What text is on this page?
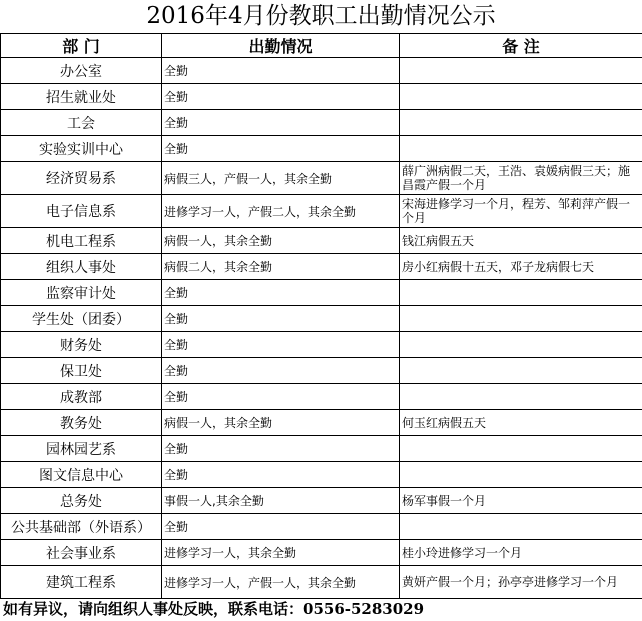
2016年4月份教职工出勤情况公示
部 门	出勤情况	备 注
办公室	全勤	
招生就业处	全勤	
工会	全勤	
实验实训中心	全勤	
经济贸易系	病假三人，产假一人，其余全勤	薛广洲病假二天，王浩、袁媛病假三天；施昌霞产假一个月
电子信息系	进修学习一人，产假二人，其余全勤	宋海进修学习一个月，程芳、邹莉萍产假一个月
机电工程系	病假一人，其余全勤	钱江病假五天
组织人事处	病假二人，其余全勤	房小红病假十五天，邓子龙病假七天
监察审计处	全勤	
学生处（团委）	全勤	
财务处	全勤	
保卫处	全勤	
成教部	全勤	
教务处	病假一人，其余全勤	何玉红病假五天
园林园艺系	全勤	
图文信息中心	全勤	
总务处	事假一人,其余全勤	杨军事假一个月
公共基础部（外语系）	全勤	
社会事业系	进修学习一人，其余全勤	桂小玲进修学习一个月
建筑工程系	进修学习一人，产假一人，其余全勤	黄妍产假一个月；孙亭亭进修学习一个月
如有异议，请向组织人事处反映，联系电话：0556-5283029
